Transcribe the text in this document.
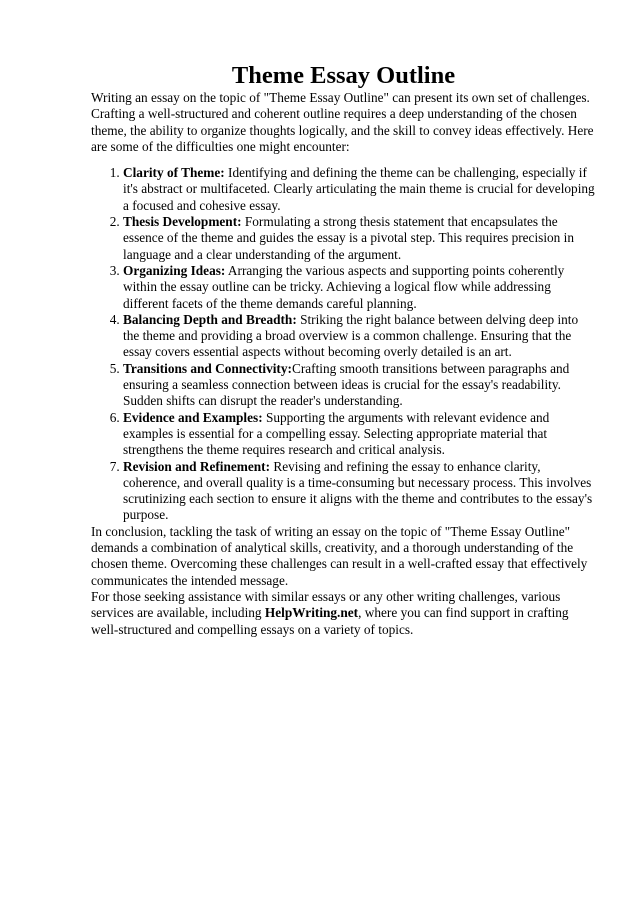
Theme Essay Outline

Writing an essay on the topic of "Theme Essay Outline" can present its own set of challenges. Crafting a well-structured and coherent outline requires a deep understanding of the chosen theme, the ability to organize thoughts logically, and the skill to convey ideas effectively. Here are some of the difficulties one might encounter:

1. Clarity of Theme: Identifying and defining the theme can be challenging, especially if it's abstract or multifaceted. Clearly articulating the main theme is crucial for developing a focused and cohesive essay.
2. Thesis Development: Formulating a strong thesis statement that encapsulates the essence of the theme and guides the essay is a pivotal step. This requires precision in language and a clear understanding of the argument.
3. Organizing Ideas: Arranging the various aspects and supporting points coherently within the essay outline can be tricky. Achieving a logical flow while addressing different facets of the theme demands careful planning.
4. Balancing Depth and Breadth: Striking the right balance between delving deep into the theme and providing a broad overview is a common challenge. Ensuring that the essay covers essential aspects without becoming overly detailed is an art.
5. Transitions and Connectivity:Crafting smooth transitions between paragraphs and ensuring a seamless connection between ideas is crucial for the essay's readability. Sudden shifts can disrupt the reader's understanding.
6. Evidence and Examples: Supporting the arguments with relevant evidence and examples is essential for a compelling essay. Selecting appropriate material that strengthens the theme requires research and critical analysis.
7. Revision and Refinement: Revising and refining the essay to enhance clarity, coherence, and overall quality is a time-consuming but necessary process. This involves scrutinizing each section to ensure it aligns with the theme and contributes to the essay's purpose.

In conclusion, tackling the task of writing an essay on the topic of "Theme Essay Outline" demands a combination of analytical skills, creativity, and a thorough understanding of the chosen theme. Overcoming these challenges can result in a well-crafted essay that effectively communicates the intended message.

For those seeking assistance with similar essays or any other writing challenges, various services are available, including HelpWriting.net, where you can find support in crafting well-structured and compelling essays on a variety of topics.
